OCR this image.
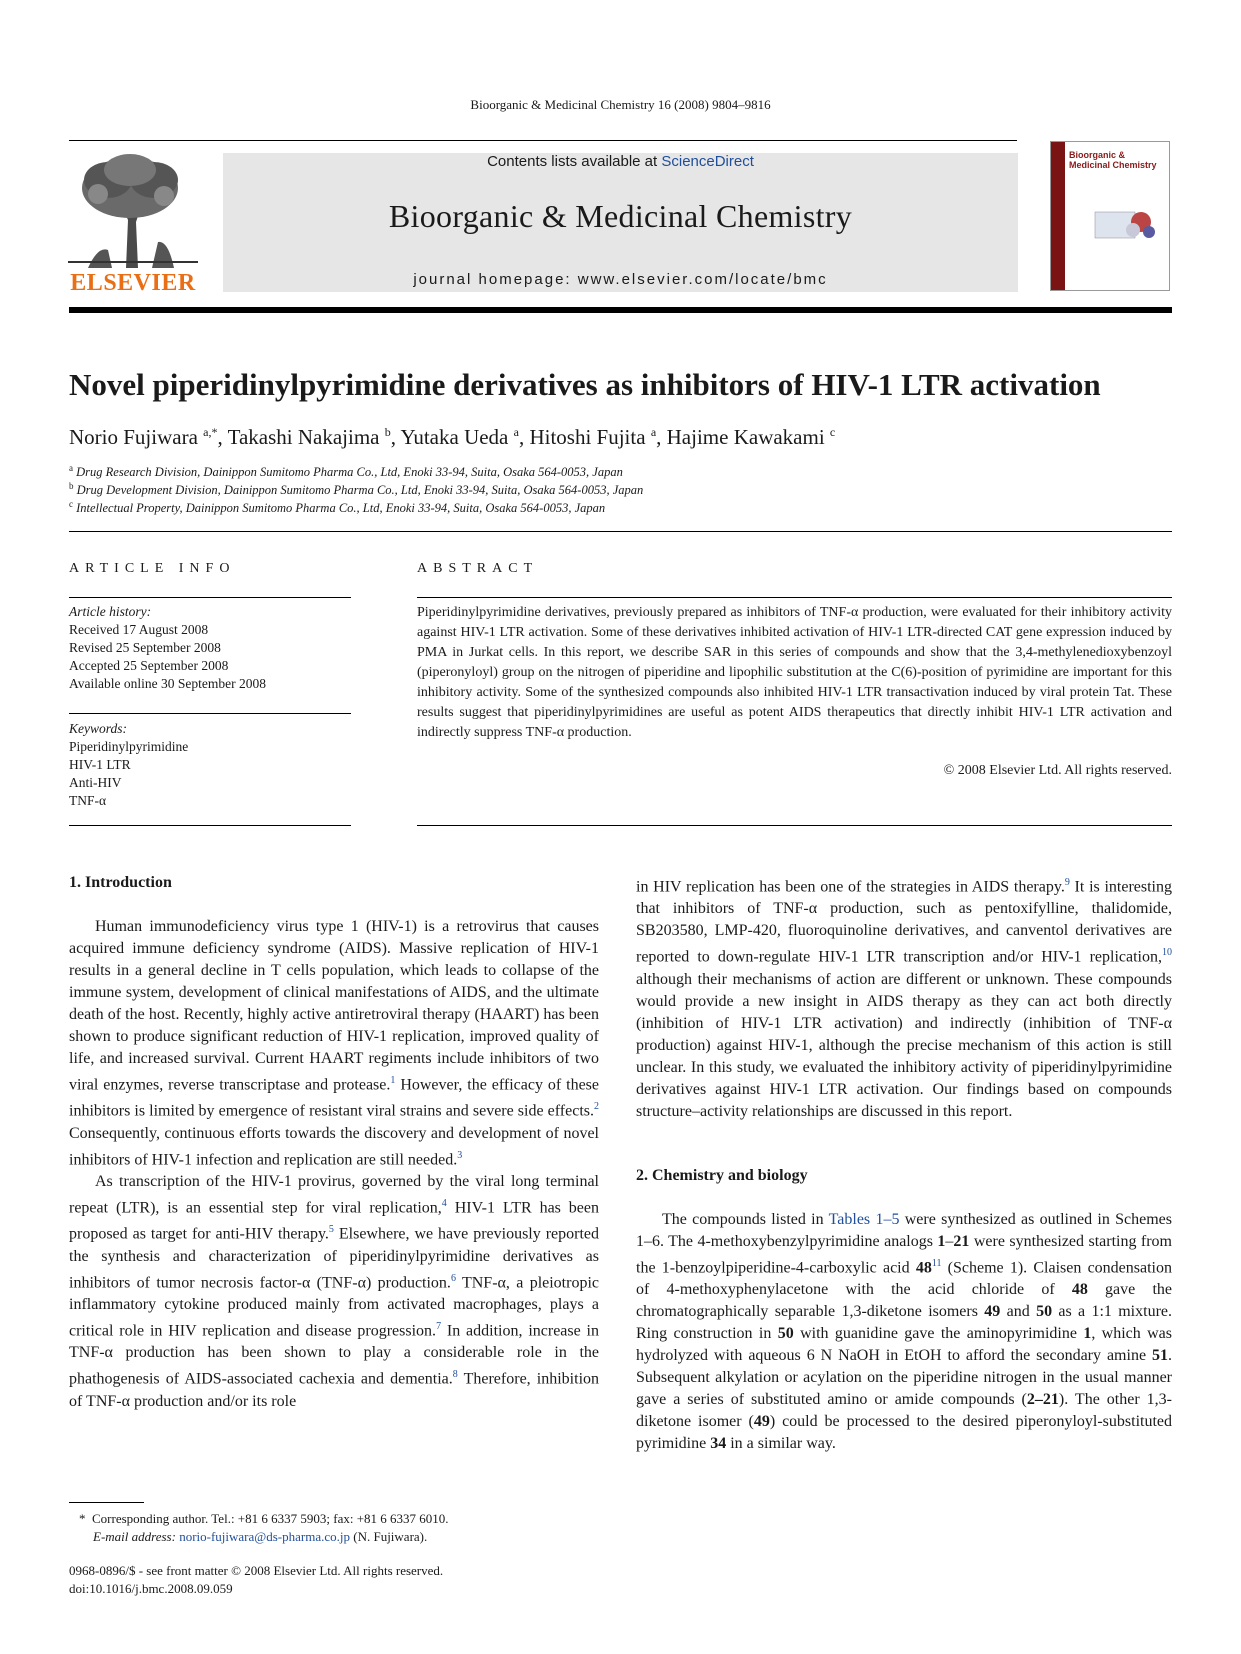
Bioorganic & Medicinal Chemistry 16 (2008) 9804–9816
ELSEVIER
Contents lists available at ScienceDirect
Bioorganic & Medicinal Chemistry
journal homepage: www.elsevier.com/locate/bmc
Bioorganic & Medicinal Chemistry
Novel piperidinylpyrimidine derivatives as inhibitors of HIV-1 LTR activation
Norio Fujiwara $^{a,*}$, Takashi Nakajima $^b$, Yutaka Ueda $^a$, Hitoshi Fujita $^a$, Hajime Kawakami $^c$
$^a$ Drug Research Division, Dainippon Sumitomo Pharma Co., Ltd, Enoki 33-94, Suita, Osaka 564-0053, Japan
$^b$ Drug Development Division, Dainippon Sumitomo Pharma Co., Ltd, Enoki 33-94, Suita, Osaka 564-0053, Japan
$^c$ Intellectual Property, Dainippon Sumitomo Pharma Co., Ltd, Enoki 33-94, Suita, Osaka 564-0053, Japan
ARTICLE INFO
Article history:
Received 17 August 2008
Revised 25 September 2008
Accepted 25 September 2008
Available online 30 September 2008
Keywords:
Piperidinylpyrimidine
HIV-1 LTR
Anti-HIV
TNF-α
ABSTRACT
Piperidinylpyrimidine derivatives, previously prepared as inhibitors of TNF-α production, were evaluated for their inhibitory activity against HIV-1 LTR activation. Some of these derivatives inhibited activation of HIV-1 LTR-directed CAT gene expression induced by PMA in Jurkat cells. In this report, we describe SAR in this series of compounds and show that the 3,4-methylenedioxybenzoyl (piperonyloyl) group on the nitrogen of piperidine and lipophilic substitution at the C(6)-position of pyrimidine are important for this inhibitory activity. Some of the synthesized compounds also inhibited HIV-1 LTR transactivation induced by viral protein Tat. These results suggest that piperidinylpyrimidines are useful as potent AIDS therapeutics that directly inhibit HIV-1 LTR activation and indirectly suppress TNF-α production.
© 2008 Elsevier Ltd. All rights reserved.
1. Introduction

Human immunodeficiency virus type 1 (HIV-1) is a retrovirus that causes acquired immune deficiency syndrome (AIDS). Massive replication of HIV-1 results in a general decline in T cells population, which leads to collapse of the immune system, development of clinical manifestations of AIDS, and the ultimate death of the host. Recently, highly active antiretroviral therapy (HAART) has been shown to produce significant reduction of HIV-1 replication, improved quality of life, and increased survival. Current HAART regiments include inhibitors of two viral enzymes, reverse transcriptase and protease.$^1$ However, the efficacy of these inhibitors is limited by emergence of resistant viral strains and severe side effects.$^2$ Consequently, continuous efforts towards the discovery and development of novel inhibitors of HIV-1 infection and replication are still needed.$^3$

As transcription of the HIV-1 provirus, governed by the viral long terminal repeat (LTR), is an essential step for viral replication,$^4$ HIV-1 LTR has been proposed as target for anti-HIV therapy.$^5$ Elsewhere, we have previously reported the synthesis and characterization of piperidinylpyrimidine derivatives as inhibitors of tumor necrosis factor-α (TNF-α) production.$^6$ TNF-α, a pleiotropic inflammatory cytokine produced mainly from activated macrophages, plays a critical role in HIV replication and disease progression.$^7$ In addition, increase in TNF-α production has been shown to play a considerable role in the phathogenesis of AIDS-associated cachexia and dementia.$^8$ Therefore, inhibition of TNF-α production and/or its role

in HIV replication has been one of the strategies in AIDS therapy.$^9$ It is interesting that inhibitors of TNF-α production, such as pentoxifylline, thalidomide, SB203580, LMP-420, fluoroquinoline derivatives, and canventol derivatives are reported to down-regulate HIV-1 LTR transcription and/or HIV-1 replication,$^{10}$ although their mechanisms of action are different or unknown. These compounds would provide a new insight in AIDS therapy as they can act both directly (inhibition of HIV-1 LTR activation) and indirectly (inhibition of TNF-α production) against HIV-1, although the precise mechanism of this action is still unclear. In this study, we evaluated the inhibitory activity of piperidinylpyrimidine derivatives against HIV-1 LTR activation. Our findings based on compounds structure–activity relationships are discussed in this report.

2. Chemistry and biology

The compounds listed in Tables 1–5 were synthesized as outlined in Schemes 1–6. The 4-methoxybenzylpyrimidine analogs 1–21 were synthesized starting from the 1-benzoylpiperidine-4-carboxylic acid 48$^{11}$ (Scheme 1). Claisen condensation of 4-methoxyphenylacetone with the acid chloride of 48 gave the chromatographically separable 1,3-diketone isomers 49 and 50 as a 1:1 mixture. Ring construction in 50 with guanidine gave the aminopyrimidine 1, which was hydrolyzed with aqueous 6 N NaOH in EtOH to afford the secondary amine 51. Subsequent alkylation or acylation on the piperidine nitrogen in the usual manner gave a series of substituted amino or amide compounds (2–21). The other 1,3-diketone isomer (49) could be processed to the desired piperonyloyl-substituted pyrimidine 34 in a similar way.

* Corresponding author. Tel.: +81 6 6337 5903; fax: +81 6 6337 6010.
E-mail address: norio-fujiwara@ds-pharma.co.jp (N. Fujiwara).
0968-0896/$ - see front matter © 2008 Elsevier Ltd. All rights reserved.
doi:10.1016/j.bmc.2008.09.059
